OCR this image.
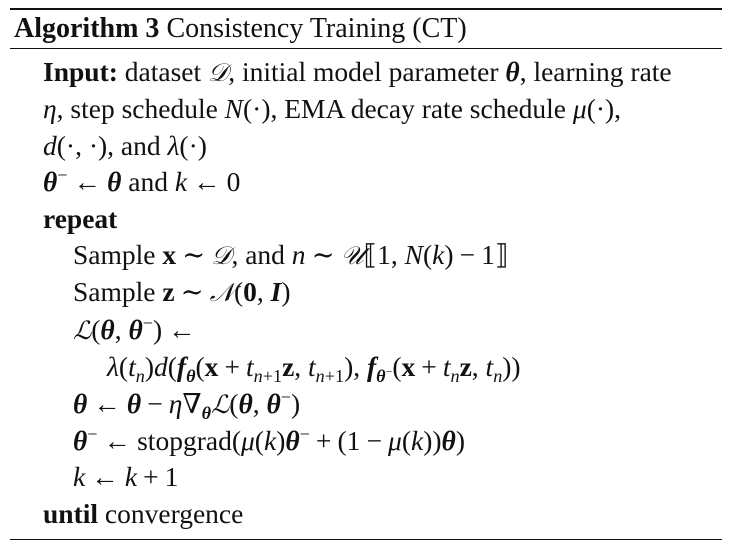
Algorithm 3 Consistency Training (CT)
Input: dataset 𝒟, initial model parameter θ, learning rate
η, step schedule N(·), EMA decay rate schedule μ(·),
d(·, ·), and λ(·)
θ− ← θ and k ← 0
repeat
Sample x ∼ 𝒟, and n ∼ 𝒰⟦1, N(k) − 1⟧
Sample z ∼ 𝒩(0, I)
ℒ(θ, θ−) ←
$\lambda(t_n)d(f_\theta(x + t_{n+1}z$, $t_{n+1}$), $f_{\theta^-}(x + t_nz$, $t_n$))
θ ← $\theta - \eta\nabla_\theta ℒ(\theta$, θ−)
θ− ← stopgrad(μ(k)θ− + (1 − μ(k))θ)
k ← k + 1
until convergence
